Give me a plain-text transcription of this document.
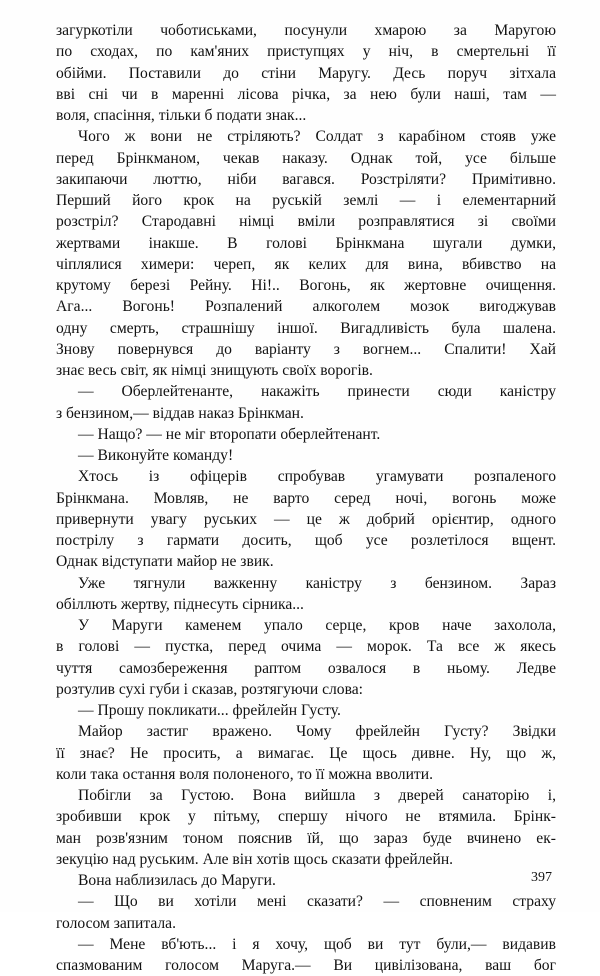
загуркотіли чоботиськами, посунули хмарою за Маругою
по сходах, по кам'яних приступцях у ніч, в смертельні її
обійми. Поставили до стіни Маругу. Десь поруч зітхала
вві сні чи в маренні лісова річка, за нею були наші, там —
воля, спасіння, тільки б подати знак...

Чого ж вони не стріляють? Солдат з карабіном стояв уже

перед Брінкманом, чекав наказу. Однак той, усе більше
закипаючи люттю, ніби вагався. Розстріляти? Примітивно.
Перший його крок на руській землі — і елементарний
розстріл? Стародавні німці вміли розправлятися зі своїми
жертвами інакше. В голові Брінкмана шугали думки,
чіплялися химери: череп, як келих для вина, вбивство на
крутому березі Рейну. Ні!.. Вогонь, як жертовне очищення.
Ага... Вогонь! Розпалений алкоголем мозок виroджував
одну смерть, страшнішу іншої. Вигадливість була шалена.
Знову повернувся до варіанту з вогнем... Спалити! Хай
знає весь світ, як німці знищують своїх ворогів.

— Оберлейтенанте, накажіть принести сюди каністру

з бензином,— віддав наказ Брінкман.

— Нащо? — не міг втоpопати оберлейтенант.

— Виконуйте команду!

Хтось із офіцерів спробував угамувати розпаленого

Брінкмана. Мовляв, не варто серед ночі, вогонь може
привернути увагу руських — це ж добрий орієнтир, одного
пострілу з гармати досить, щоб усе розлетілося вщент.
Однак відступати майор не звик.

Уже тягнули важкенну каністру з бензином. Зараз

обіллють жертву, піднесуть сірника...

У Маруги каменем упало серце, кров наче захолола,

в голові — пустка, перед очима — морок. Та все ж якесь
чуття самозбереження раптом озвалося в ньому. Ледве
розтулив сухі губи і сказав, розтягуючи слова:

— Прошу покликати... фрейлейн Густу.

Майор застиг вражено. Чому фрейлейн Густу? Звідки

її знає? Не просить, а вимагає. Це щось дивне. Ну, що ж,
коли така остання воля полоненого, то її можна вволити.

Побігли за Густою. Вона вийшла з дверей санаторію і,

зробивши крок у пітьму, спершу нічого не втямила. Брінк-
ман розв'язним тоном пояснив їй, що зараз буде вчинено ек-
зекуцію над руським. Але він хотів щось сказати фрейлейн.

Вона наблизилась до Маруги.

— Що ви хотіли мені сказати? — сповненим страху

голосом запитала.

— Мене вб'ють... і я хочу, щоб ви тут були,— видавив

спазмованим голосом Маруга.— Ви цивілізована, ваш бог

397
